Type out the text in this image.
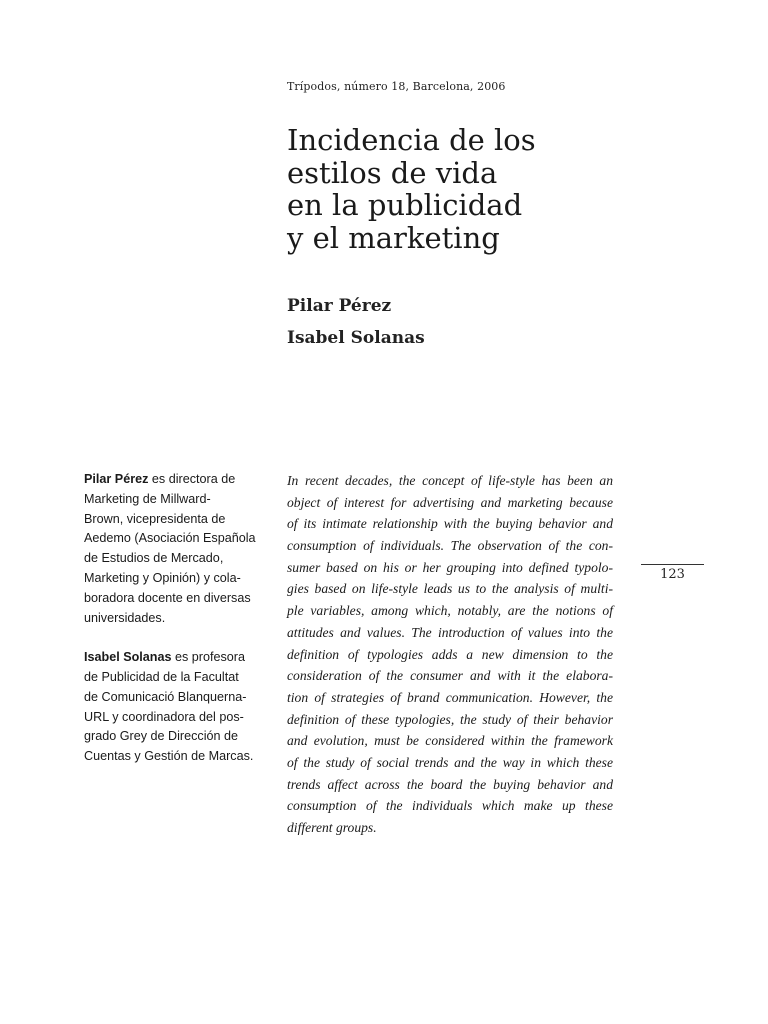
Trípodos, número 18, Barcelona, 2006
Incidencia de los
estilos de vida
en la publicidad
y el marketing
Pilar Pérez
Isabel Solanas
Pilar Pérez es directora de
Marketing de Millward-
Brown, vicepresidenta de
Aedemo (Asociación Española
de Estudios de Mercado,
Marketing y Opinión) y cola-
boradora docente en diversas
universidades.
Isabel Solanas es profesora
de Publicidad de la Facultat
de Comunicació Blanquerna-
URL y coordinadora del pos-
grado Grey de Dirección de
Cuentas y Gestión de Marcas.
In recent decades, the concept of life-style has been an
object of interest for advertising and marketing because
of its intimate relationship with the buying behavior and
consumption of individuals. The observation of the con-
sumer based on his or her grouping into defined typolo-
gies based on life-style leads us to the analysis of multi-
ple variables, among which, notably, are the notions of
attitudes and values. The introduction of values into the
definition of typologies adds a new dimension to the
consideration of the consumer and with it the elabora-
tion of strategies of brand communication. However, the
definition of these typologies, the study of their behavior
and evolution, must be considered within the framework
of the study of social trends and the way in which these
trends affect across the board the buying behavior and
consumption of the individuals which make up these
different groups.
123
